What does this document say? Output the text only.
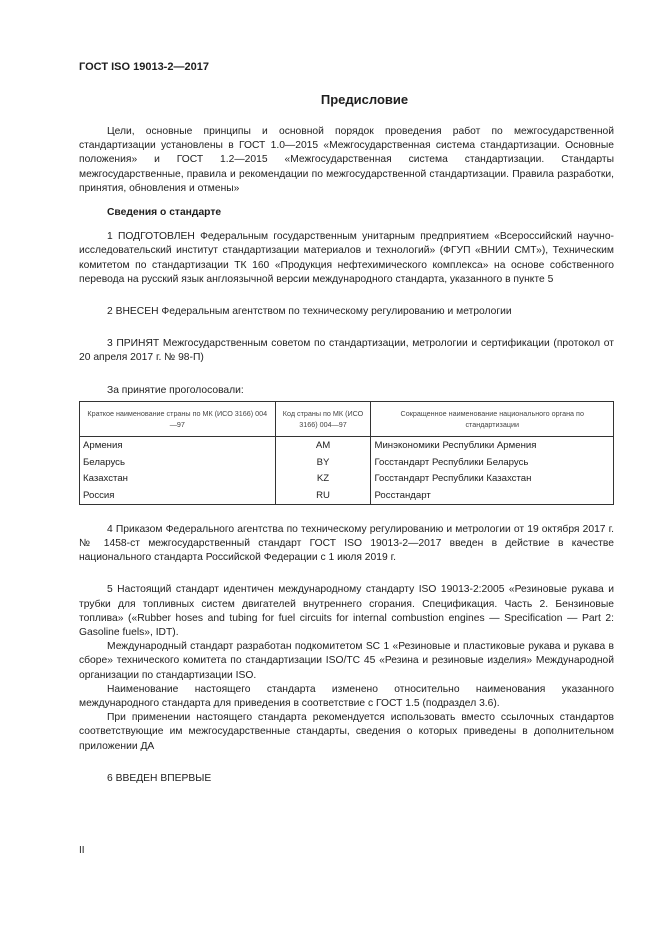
ГОСТ ISO 19013-2—2017
Предисловие

Цели, основные принципы и основной порядок проведения работ по межгосударственной стандартизации установлены в ГОСТ 1.0—2015 «Межгосударственная система стандартизации. Основные положения» и ГОСТ 1.2—2015 «Межгосударственная система стандартизации. Стандарты межгосударственные, правила и рекомендации по межгосударственной стандартизации. Правила разработки, принятия, обновления и отмены»

Сведения о стандарте

1 ПОДГОТОВЛЕН Федеральным государственным унитарным предприятием «Всероссийский научно-исследовательский институт стандартизации материалов и технологий» (ФГУП «ВНИИ СМТ»), Техническим комитетом по стандартизации ТК 160 «Продукция нефтехимического комплекса» на основе собственного перевода на русский язык англоязычной версии международного стандарта, указанного в пункте 5

2 ВНЕСЕН Федеральным агентством по техническому регулированию и метрологии

3 ПРИНЯТ Межгосударственным советом по стандартизации, метрологии и сертификации (протокол от 20 апреля 2017 г. № 98-П)

За принятие проголосовали:

Краткое наименование страны по МК (ИСО 3166) 004—97	Код страны по МК (ИСО 3166) 004—97	Сокращенное наименование национального органа по стандартизации
Армения	AM	Минэкономики Республики Армения
Беларусь	BY	Госстандарт Республики Беларусь
Казахстан	KZ	Госстандарт Республики Казахстан
Россия	RU	Росстандарт

4 Приказом Федерального агентства по техническому регулированию и метрологии от 19 октября 2017 г. № 1458-ст межгосударственный стандарт ГОСТ ISO 19013-2—2017 введен в действие в качестве национального стандарта Российской Федерации с 1 июля 2019 г.

5 Настоящий стандарт идентичен международному стандарту ISO 19013-2:2005 «Резиновые рукава и трубки для топливных систем двигателей внутреннего сгорания. Спецификация. Часть 2. Бензиновые топлива» («Rubber hoses and tubing for fuel circuits for internal combustion engines — Specification — Part 2: Gasoline fuels», IDT).

Международный стандарт разработан подкомитетом SC 1 «Резиновые и пластиковые рукава и рукава в сборе» технического комитета по стандартизации ISO/TC 45 «Резина и резиновые изделия» Международной организации по стандартизации ISO.

Наименование настоящего стандарта изменено относительно наименования указанного международного стандарта для приведения в соответствие с ГОСТ 1.5 (подраздел 3.6).

При применении настоящего стандарта рекомендуется использовать вместо ссылочных стандартов соответствующие им межгосударственные стандарты, сведения о которых приведены в дополнительном приложении ДА

6 ВВЕДЕН ВПЕРВЫЕ

II
